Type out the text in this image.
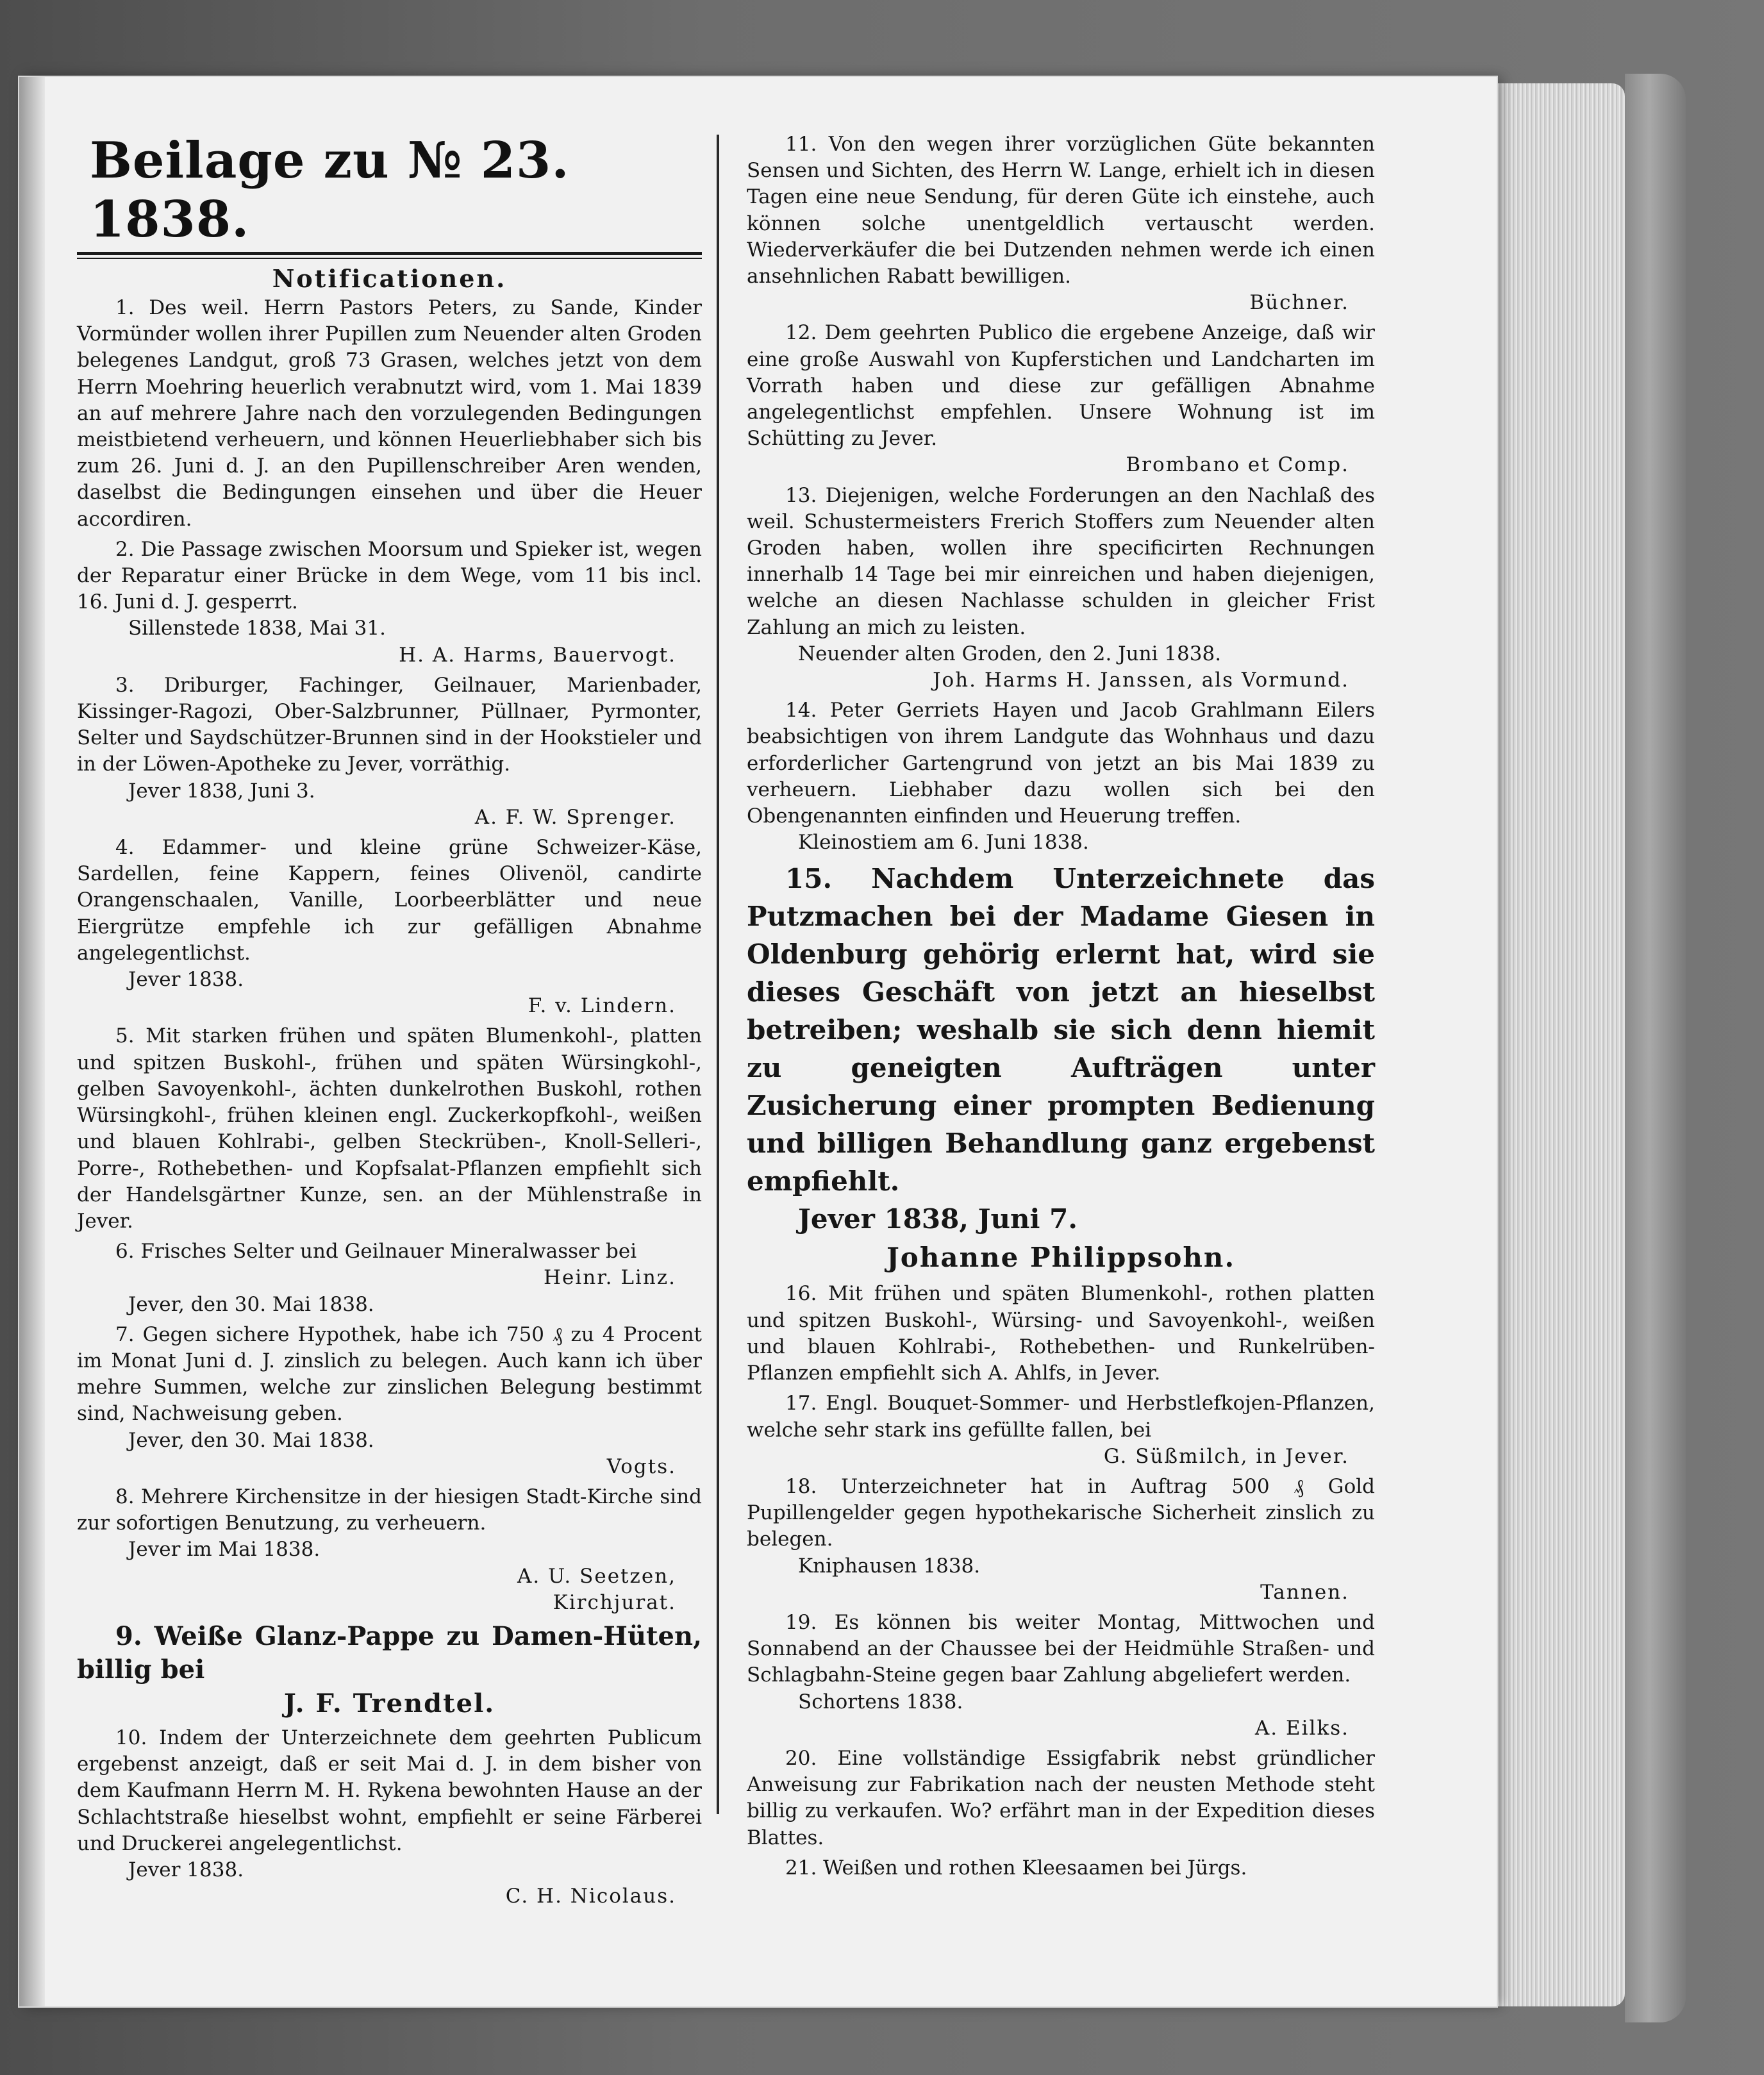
Beilage zu № 23. 1838.
Notificationen.

1. Des weil. Herrn Pastors Peters, zu Sande, Kinder Vormünder wollen ihrer Pupillen zum Neuender alten Groden belegenes Landgut, groß 73 Grasen, welches jetzt von dem Herrn Moehring heuerlich verabnutzt wird, vom 1. Mai 1839 an auf mehrere Jahre nach den vorzulegenden Bedingungen meistbietend verheuern, und können Heuerliebhaber sich bis zum 26. Juni d. J. an den Pupillenschreiber Aren wenden, daselbst die Bedingungen einsehen und über die Heuer accordiren.

2. Die Passage zwischen Moorsum und Spieker ist, wegen der Reparatur einer Brücke in dem Wege, vom 11 bis incl. 16. Juni d. J. gesperrt.

Sillenstede 1838, Mai 31.
H. A. Harms, Bauervogt.

3. Driburger, Fachinger, Geilnauer, Marienbader, Kissinger-Ragozi, Ober-Salzbrunner, Püllnaer, Pyrmonter, Selter und Saydschützer-Brunnen sind in der Hookstieler und in der Löwen-Apotheke zu Jever, vorräthig.

Jever 1838, Juni 3.
A. F. W. Sprenger.

4. Edammer- und kleine grüne Schweizer-Käse, Sardellen, feine Kappern, feines Olivenöl, candirte Orangenschaalen, Vanille, Loorbeerblätter und neue Eiergrütze empfehle ich zur gefälligen Abnahme angelegentlichst.

Jever 1838.
F. v. Lindern.

5. Mit starken frühen und späten Blumenkohl-, platten und spitzen Buskohl-, frühen und späten Würsingkohl-, gelben Savoyenkohl-, ächten dunkelrothen Buskohl, rothen Würsingkohl-, frühen kleinen engl. Zuckerkopfkohl-, weißen und blauen Kohlrabi-, gelben Steckrüben-, Knoll-Selleri-, Porre-, Rothebethen- und Kopfsalat-Pflanzen empfiehlt sich der Handelsgärtner Kunze, sen. an der Mühlenstraße in Jever.

6. Frisches Selter und Geilnauer Mineralwasser bei

Heinr. Linz.
Jever, den 30. Mai 1838.

7. Gegen sichere Hypothek, habe ich 750 ₰ zu 4 Procent im Monat Juni d. J. zinslich zu belegen. Auch kann ich über mehre Summen, welche zur zinslichen Belegung bestimmt sind, Nachweisung geben.

Jever, den 30. Mai 1838.
Vogts.

8. Mehrere Kirchensitze in der hiesigen Stadt-Kirche sind zur sofortigen Benutzung, zu verheuern.

Jever im Mai 1838.
A. U. Seetzen,
Kirchjurat.

9. Weiße Glanz-Pappe zu Damen-Hüten, billig bei

J. F. Trendtel.

10. Indem der Unterzeichnete dem geehrten Publicum ergebenst anzeigt, daß er seit Mai d. J. in dem bisher von dem Kaufmann Herrn M. H. Rykena bewohnten Hause an der Schlachtstraße hieselbst wohnt, empfiehlt er seine Färberei und Druckerei angelegentlichst.

Jever 1838.
C. H. Nicolaus.

11. Von den wegen ihrer vorzüglichen Güte bekannten Sensen und Sichten, des Herrn W. Lange, erhielt ich in diesen Tagen eine neue Sendung, für deren Güte ich einstehe, auch können solche unentgeldlich vertauscht werden. Wiederverkäufer die bei Dutzenden nehmen werde ich einen ansehnlichen Rabatt bewilligen.

Büchner.

12. Dem geehrten Publico die ergebene Anzeige, daß wir eine große Auswahl von Kupferstichen und Landcharten im Vorrath haben und diese zur gefälligen Abnahme angelegentlichst empfehlen. Unsere Wohnung ist im Schütting zu Jever.

Brombano et Comp.

13. Diejenigen, welche Forderungen an den Nachlaß des weil. Schustermeisters Frerich Stoffers zum Neuender alten Groden haben, wollen ihre specificirten Rechnungen innerhalb 14 Tage bei mir einreichen und haben diejenigen, welche an diesen Nachlasse schulden in gleicher Frist Zahlung an mich zu leisten.

Neuender alten Groden, den 2. Juni 1838.
Joh. Harms H. Janssen, als Vormund.

14. Peter Gerriets Hayen und Jacob Grahlmann Eilers beabsichtigen von ihrem Landgute das Wohnhaus und dazu erforderlicher Gartengrund von jetzt an bis Mai 1839 zu verheuern. Liebhaber dazu wollen sich bei den Obengenannten einfinden und Heuerung treffen.

Kleinostiem am 6. Juni 1838.

15. Nachdem Unterzeichnete das Putzmachen bei der Madame Giesen in Oldenburg gehörig erlernt hat, wird sie dieses Geschäft von jetzt an hieselbst betreiben; weshalb sie sich denn hiemit zu geneigten Aufträgen unter Zusicherung einer prompten Bedienung und billigen Behandlung ganz ergebenst empfiehlt.

Jever 1838, Juni 7.
Johanne Philippsohn.

16. Mit frühen und späten Blumenkohl-, rothen platten und spitzen Buskohl-, Würsing- und Savoyenkohl-, weißen und blauen Kohlrabi-, Rothebethen- und Runkelrüben-Pflanzen empfiehlt sich A. Ahlfs, in Jever.

17. Engl. Bouquet-Sommer- und Herbstlefkojen-Pflanzen, welche sehr stark ins gefüllte fallen, bei

G. Süßmilch, in Jever.

18. Unterzeichneter hat in Auftrag 500 ₰ Gold Pupillengelder gegen hypothekarische Sicherheit zinslich zu belegen.

Kniphausen 1838.
Tannen.

19. Es können bis weiter Montag, Mittwochen und Sonnabend an der Chaussee bei der Heidmühle Straßen- und Schlagbahn-Steine gegen baar Zahlung abgeliefert werden.

Schortens 1838.
A. Eilks.

20. Eine vollständige Essigfabrik nebst gründlicher Anweisung zur Fabrikation nach der neusten Methode steht billig zu verkaufen. Wo? erfährt man in der Expedition dieses Blattes.

21. Weißen und rothen Kleesaamen bei Jürgs.
